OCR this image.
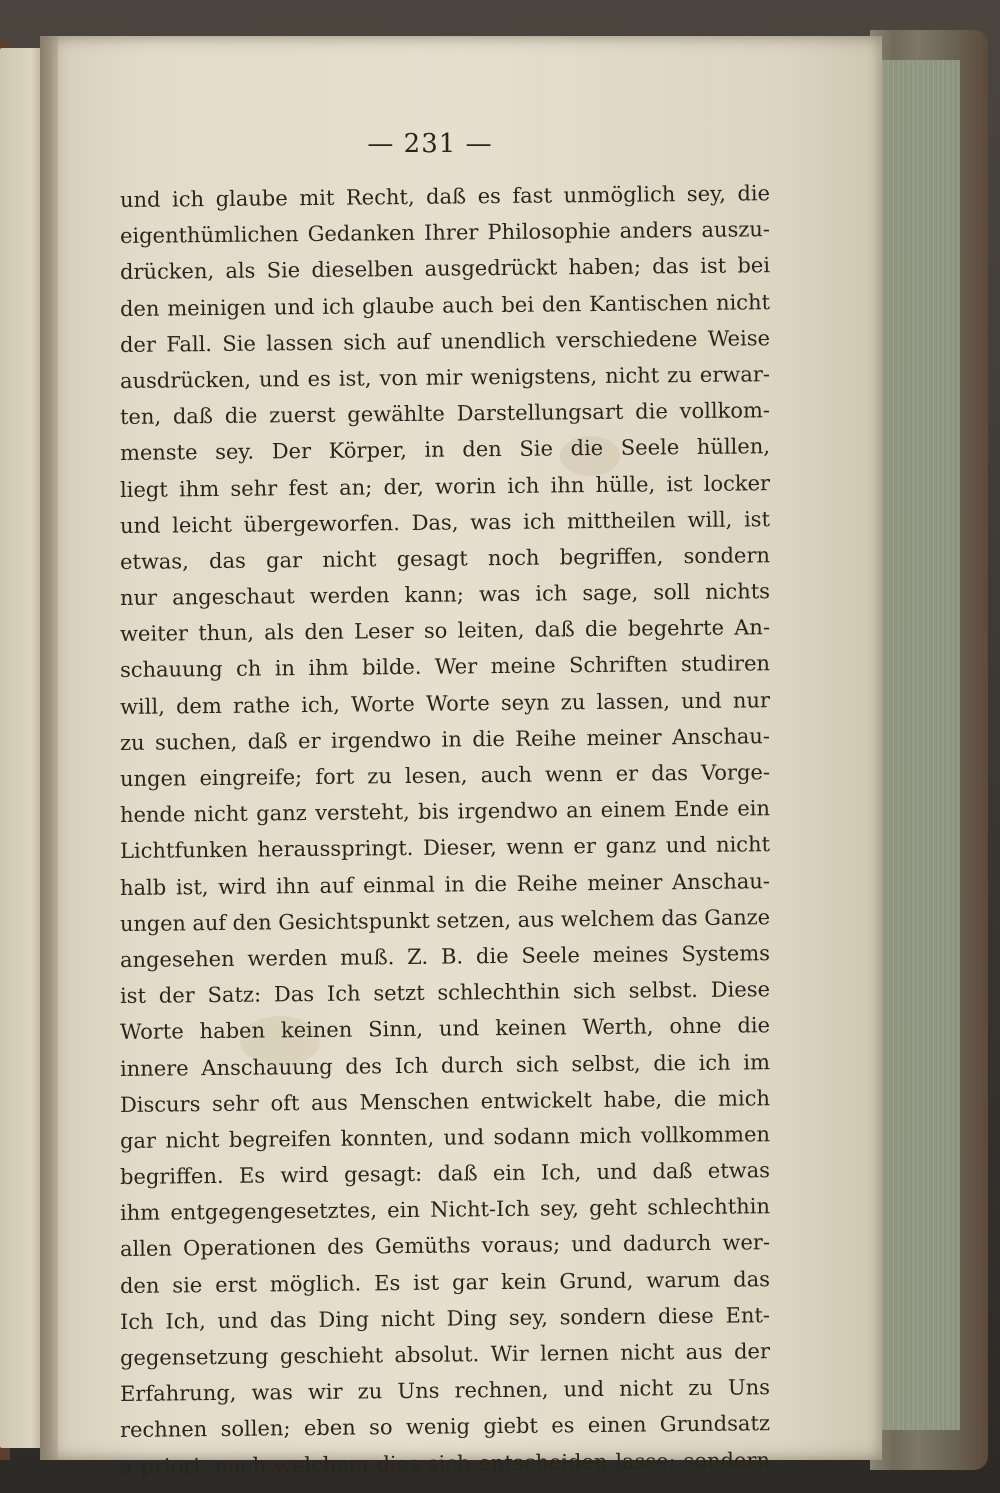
— 231 —
und ich glaube mit Recht, daß es fast unmöglich sey, die
eigenthümlichen Gedanken Ihrer Philosophie anders auszu-
drücken, als Sie dieselben ausgedrückt haben; das ist bei
den meinigen und ich glaube auch bei den Kantischen nicht
der Fall. Sie lassen sich auf unendlich verschiedene Weise
ausdrücken, und es ist, von mir wenigstens, nicht zu erwar-
ten, daß die zuerst gewählte Darstellungsart die vollkom-
menste sey. Der Körper, in den Sie die Seele hüllen,
liegt ihm sehr fest an; der, worin ich ihn hülle, ist locker
und leicht übergeworfen. Das, was ich mittheilen will, ist
etwas, das gar nicht gesagt noch begriffen, sondern
nur angeschaut werden kann; was ich sage, soll nichts
weiter thun, als den Leser so leiten, daß die begehrte An-
schauung ch in ihm bilde. Wer meine Schriften studiren
will, dem rathe ich, Worte Worte seyn zu lassen, und nur
zu suchen, daß er irgendwo in die Reihe meiner Anschau-
ungen eingreife; fort zu lesen, auch wenn er das Vorge-
hende nicht ganz versteht, bis irgendwo an einem Ende ein
Lichtfunken herausspringt. Dieser, wenn er ganz und nicht
halb ist, wird ihn auf einmal in die Reihe meiner Anschau-
ungen auf den Gesichtspunkt setzen, aus welchem das Ganze
angesehen werden muß. Z. B. die Seele meines Systems
ist der Satz: Das Ich setzt schlechthin sich selbst. Diese
Worte haben keinen Sinn, und keinen Werth, ohne die
innere Anschauung des Ich durch sich selbst, die ich im
Discurs sehr oft aus Menschen entwickelt habe, die mich
gar nicht begreifen konnten, und sodann mich vollkommen
begriffen. Es wird gesagt: daß ein Ich, und daß etwas
ihm entgegengesetztes, ein Nicht-Ich sey, geht schlechthin
allen Operationen des Gemüths voraus; und dadurch wer-
den sie erst möglich. Es ist gar kein Grund, warum das
Ich Ich, und das Ding nicht Ding sey, sondern diese Ent-
gegensetzung geschieht absolut. Wir lernen nicht aus der
Erfahrung, was wir zu Uns rechnen, und nicht zu Uns
rechnen sollen; eben so wenig giebt es einen Grundsatz
a priori, nach welchem dies sich entscheiden lasse; sondern
